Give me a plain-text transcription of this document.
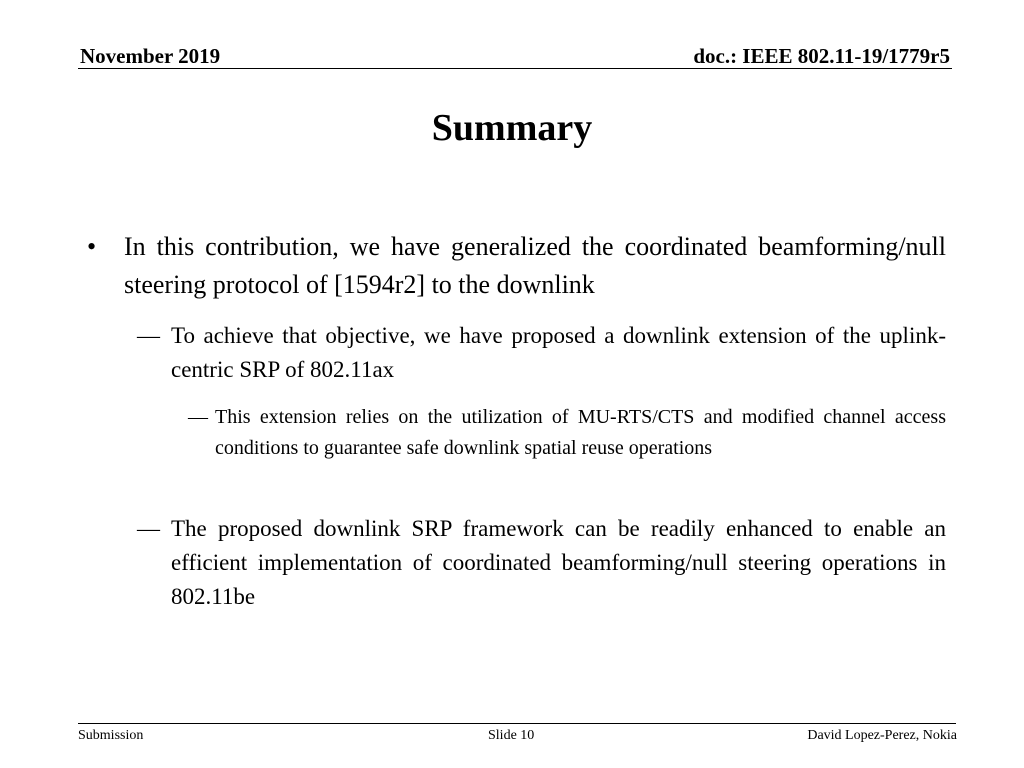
November 2019	doc.: IEEE 802.11-19/1779r5
Summary
• In this contribution, we have generalized the coordinated beamforming/null steering protocol of [1594r2] to the downlink
— To achieve that objective, we have proposed a downlink extension of the uplink-centric SRP of 802.11ax
— This extension relies on the utilization of MU-RTS/CTS and modified channel access conditions to guarantee safe downlink spatial reuse operations
— The proposed downlink SRP framework can be readily enhanced to enable an efficient implementation of coordinated beamforming/null steering operations in 802.11be
Submission	Slide 10	David Lopez-Perez, Nokia
